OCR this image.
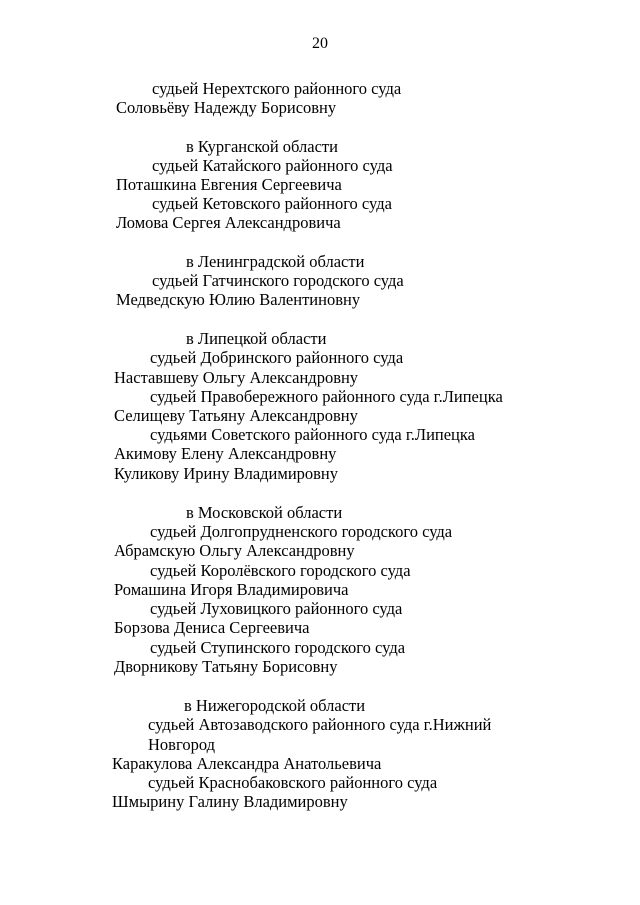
20
судьей Нерехтского районного суда
Соловьёву Надежду Борисовну
в Курганской области
судьей Катайского районного суда
Поташкина Евгения Сергеевича
судьей Кетовского районного суда
Ломова Сергея Александровича
в Ленинградской области
судьей Гатчинского городского суда
Медведскую Юлию Валентиновну
в Липецкой области
судьей Добринского районного суда
Наставшеву Ольгу Александровну
судьей Правобережного районного суда г.Липецка
Селищеву Татьяну Александровну
судьями Советского районного суда г.Липецка
Акимову Елену Александровну
Куликову Ирину Владимировну
в Московской области
судьей Долгопрудненского городского суда
Абрамскую Ольгу Александровну
судьей Королёвского городского суда
Ромашина Игоря Владимировича
судьей Луховицкого районного суда
Борзова Дениса Сергеевича
судьей Ступинского городского суда
Дворникову Татьяну Борисовну
в Нижегородской области
судьей Автозаводского районного суда г.Нижний
Новгород
Каракулова Александра Анатольевича
судьей Краснобаковского районного суда
Шмырину Галину Владимировну
